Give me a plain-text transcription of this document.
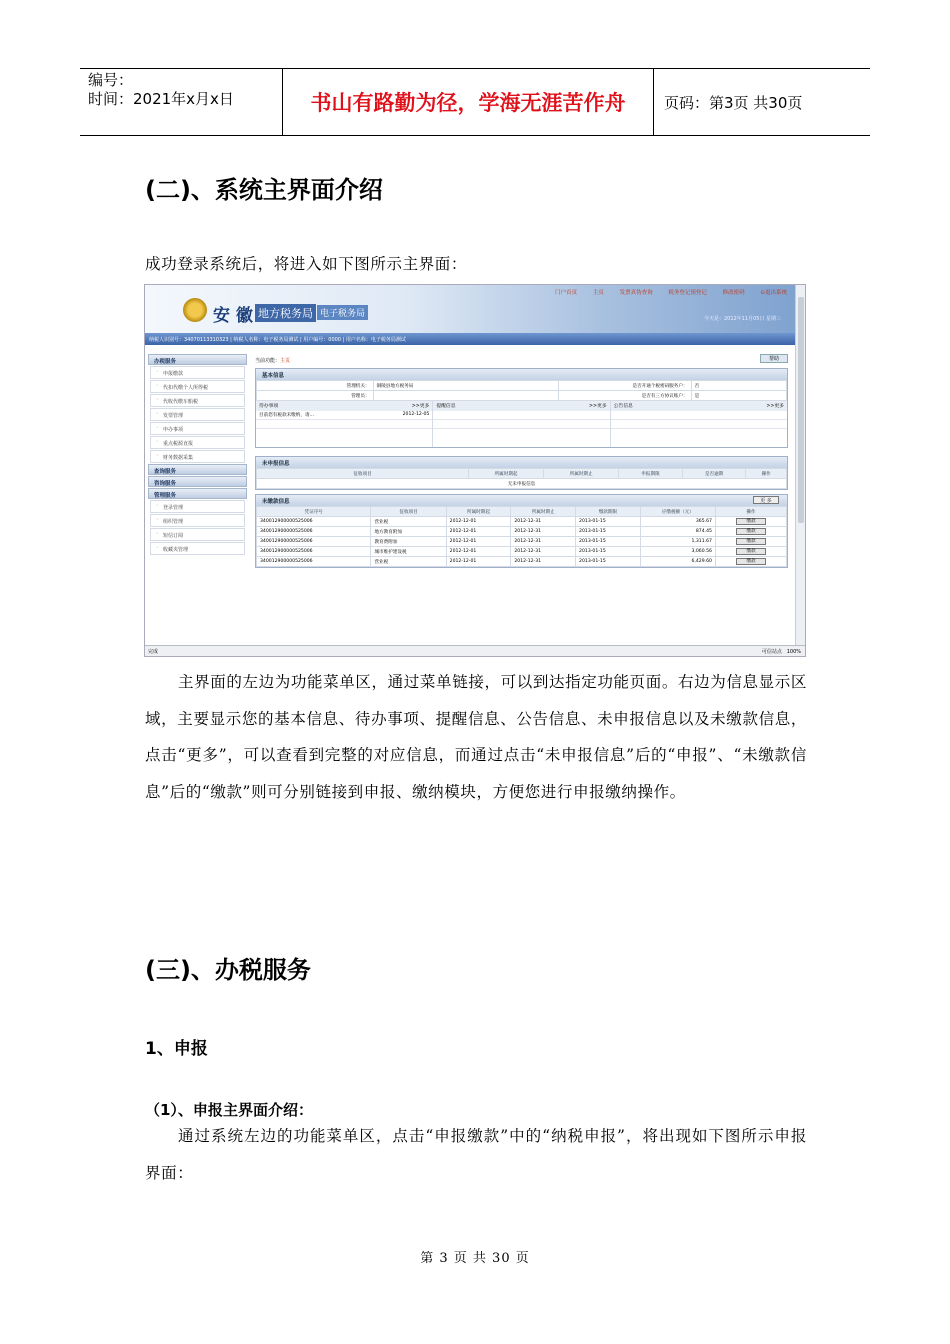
编号：
时间：2021年x月x日	书山有路勤为径，学海无涯苦作舟	页码：第3页 共30页
(二)、系统主界面介绍
成功登录系统后，将进入如下图所示主界面：
门户首页	主页	发票真伪查询	税务登记预登记	修改密码	⊙退出系统
安 徽 地方税务局 电子税务局	今天是：2012年11月05日 星期三
纳税人识别号：34070113310323 | 纳税人名称：电子税务局测试 | 用户编号：0000 | 用户名称：电子税务局测试
办税服务
◦ 申报缴款
◦ 代扣代缴个人所得税
◦ 代收代缴车船税
◦ 发票管理
◦ 申办事项
◦ 重点税源直报
◦ 财务数据采集
查询服务
咨询服务
管理服务
◦ 登录管理
◦ 组织管理
◦ 短信订阅
◦ 收藏夹管理
当前功能：主页	帮助
基本信息
管理机关：	铜陵县地方税务局	是否开通个税密码服务户：	否
管理员：		是否有三方协议账户：	是
待办事项	>>更多
目前您有税款未缴纳，请…	2012-12-05
提醒信息	>>更多 公告信息	>>更多
未申报信息
征收项目	所属时期起	所属时期止	申报期限	是否逾期	操作
无未申报信息
未缴款信息	更 多
凭证序号	征收项目	所属时期起	所属时期止	缴款期限	应缴税额（元）	操作
340012900000525006	营业税	2012-12-01	2012-12-31	2013-01-15	365.67	缴款
340012900000525006	地方教育附加	2012-12-01	2012-12-31	2013-01-15	874.45	缴款
340012900000525006	教育费附加	2012-12-01	2012-12-31	2013-01-15	1,311.67	缴款
340012900000525006	城市维护建设税	2012-12-01	2012-12-31	2013-01-15	3,060.56	缴款
340012900000525006	营业税	2012-12-01	2012-12-31	2013-01-15	6,429.60	缴款
完成	可信站点 100%
主界面的左边为功能菜单区，通过菜单链接，可以到达指定功能页面。右边为信息显示区域，主要显示您的基本信息、待办事项、提醒信息、公告信息、未申报信息以及未缴款信息，点击“更多”，可以查看到完整的对应信息，而通过点击“未申报信息”后的“申报”、“未缴款信息”后的“缴款”则可分别链接到申报、缴纳模块，方便您进行申报缴纳操作。
(三)、办税服务
1、申报
（1）、申报主界面介绍：
通过系统左边的功能菜单区，点击“申报缴款”中的“纳税申报”，将出现如下图所示申报界面：
第 3 页 共 30 页
